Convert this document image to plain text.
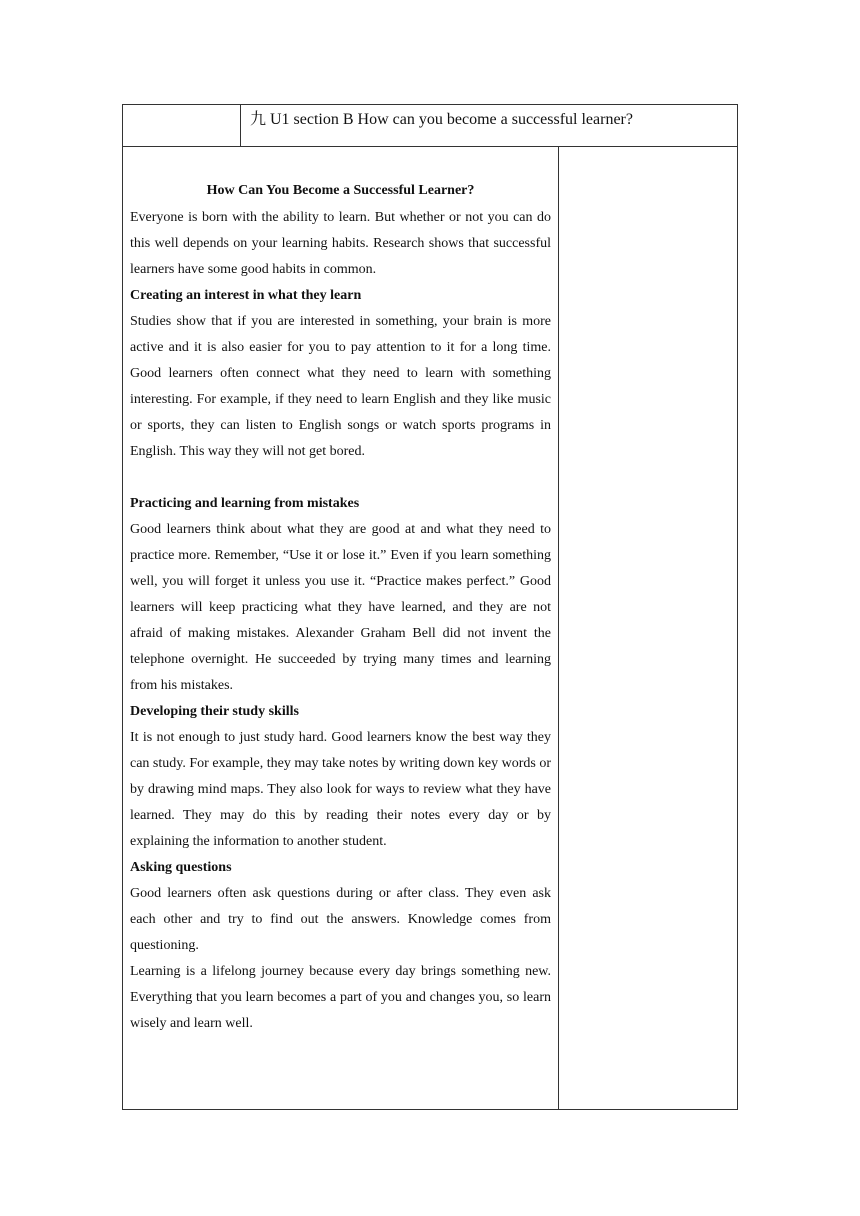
九 U1 section B How can you become a successful learner?
How Can You Become a Successful Learner?

Everyone is born with the ability to learn. But whether or not you can do this well depends on your learning habits. Research shows that successful learners have some good habits in common.

Creating an interest in what they learn

Studies show that if you are interested in something, your brain is more active and it is also easier for you to pay attention to it for a long time. Good learners often connect what they need to learn with something interesting. For example, if they need to learn English and they like music or sports, they can listen to English songs or watch sports programs in English. This way they will not get bored.

Practicing and learning from mistakes

Good learners think about what they are good at and what they need to practice more. Remember, “Use it or lose it.” Even if you learn something well, you will forget it unless you use it. “Practice makes perfect.” Good learners will keep practicing what they have learned, and they are not afraid of making mistakes. Alexander Graham Bell did not invent the telephone overnight. He succeeded by trying many times and learning from his mistakes.

Developing their study skills

It is not enough to just study hard. Good learners know the best way they can study. For example, they may take notes by writing down key words or by drawing mind maps. They also look for ways to review what they have learned. They may do this by reading their notes every day or by explaining the information to another student.

Asking questions

Good learners often ask questions during or after class. They even ask each other and try to find out the answers. Knowledge comes from questioning.

Learning is a lifelong journey because every day brings something new. Everything that you learn becomes a part of you and changes you, so learn wisely and learn well.
